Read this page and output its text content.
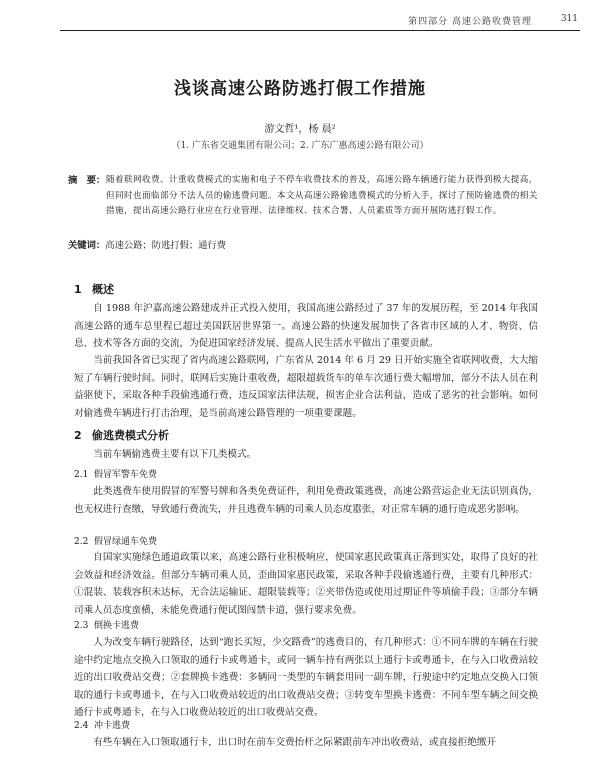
第四部分 高速公路收费管理	311
浅谈高速公路防逃打假工作措施
游文哲¹，杨 晨²
（1. 广东省交通集团有限公司；2. 广东广惠高速公路有限公司）
摘　要： 随着联网收费、计重收费模式的实施和电子不停车收费技术的普及，高速公路车辆通行能力获得到极大提高，但同时也面临部分不法人员的偷逃费问题。本文从高速公路偷逃费模式的分析入手，探讨了预防偷逃费的相关措施，提出高速公路行业应在行业管理、法律维权、技术合署、人员素质等方面开展防逃打假工作。
关键词：高速公路；防逃打假；通行费
1 概述
自 1988 年沪嘉高速公路建成并正式投入使用，我国高速公路经过了 37 年的发展历程，至 2014 年我国高速公路的通车总里程已超过美国跃居世界第一。高速公路的快速发展加快了各省市区域的人才、物资、信息、技术等各方面的交流，为促进国家经济发展、提高人民生活水平做出了重要贡献。
当前我国各省已实现了省内高速公路联网，广东省从 2014 年 6 月 29 日开始实施全省联网收费，大大缩短了车辆行驶时间。同时，联网后实施计重收费，超限超载货车的单车次通行费大幅增加，部分不法人员在利益驱使下，采取各种手段偷逃通行费，违反国家法律法规，损害企业合法利益，造成了恶劣的社会影响。如何对偷逃费车辆进行打击治理，是当前高速公路管理的一项重要课题。
2 偷逃费模式分析
当前车辆偷逃费主要有以下几类模式。
2.1 假冒军警车免费
此类逃费车使用假冒的军警号牌和各类免费证件，利用免费政策逃费，高速公路营运企业无法识别真伪，也无权进行查缴，导致通行费流失，并且逃费车辆的司乘人员态度嚣张，对正常车辆的通行造成恶劣影响。
2.2 假冒绿通车免费
自国家实施绿色通道政策以来，高速公路行业积极响应，使国家惠民政策真正落到实处，取得了良好的社会效益和经济效益。但部分车辆司乘人员，歪曲国家惠民政策，采取各种手段偷逃通行费，主要有几种形式：①混装、装载容积未达标，无合法运输证、超限装载等；②夹带伪造或使用过期证件等填偷手段；③部分车辆司乘人员态度蛮横，未能免费通行便试图闯禁卡道，强行要求免费。
2.3 倒换卡逃费
人为改变车辆行驶路径，达到“跑长买短，少交路费”的逃费目的，有几种形式：①不同车牌的车辆在行驶途中约定地点交换入口领取的通行卡或粤通卡，或同一辆车持有两张以上通行卡或粤通卡，在与入口收费站较近的出口收费站交费；②套牌换卡逃费：多辆同一类型的车辆套用同一副车牌，行驶途中约定地点交换入口领取的通行卡或粤通卡，在与入口收费站较近的出口收费站交费；③转变车型换卡逃费：不同车型车辆之间交换通行卡或粤通卡，在与入口收费站较近的出口收费站交费。
2.4 冲卡逃费
有些车辆在入口领取通行卡，出口时在前车交费抬杆之际紧跟前车冲出收费站，或直接拒绝缴开
